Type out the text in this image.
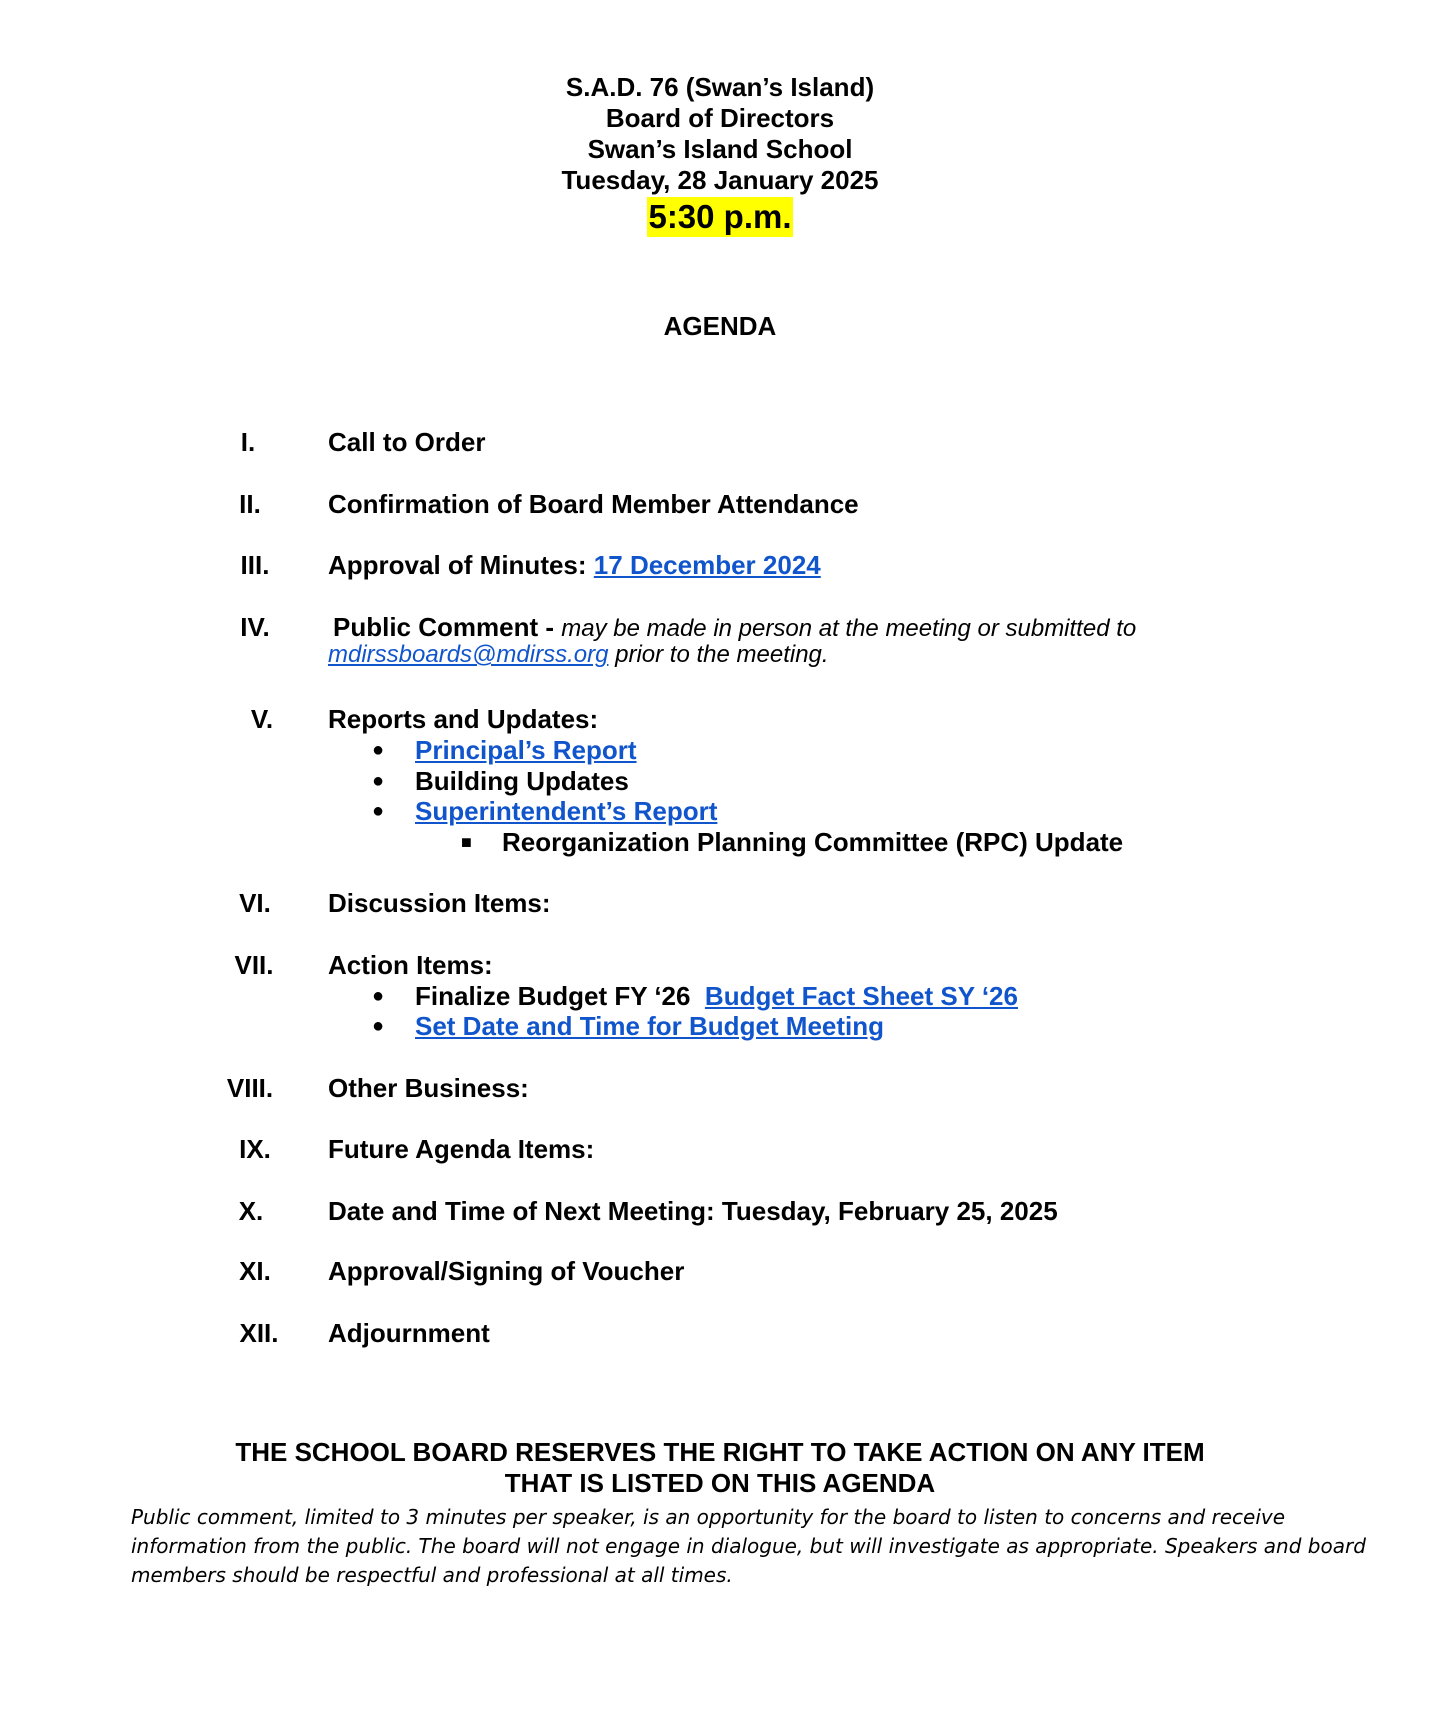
S.A.D. 76 (Swan’s Island)
Board of Directors
Swan’s Island School
Tuesday, 28 January 2025
5:30 p.m.
AGENDA
I.	Call to Order
II.	Confirmation of Board Member Attendance
III.	Approval of Minutes: 17 December 2024
IV.	Public Comment - may be made in person at the meeting or submitted to
mdirssboards@mdirss.org prior to the meeting.
V.	Reports and Updates:
● Principal’s Report
● Building Updates
● Superintendent’s Report
■ Reorganization Planning Committee (RPC) Update
VI.	Discussion Items:
VII.	Action Items:
● Finalize Budget FY ‘26 Budget Fact Sheet SY ‘26
● Set Date and Time for Budget Meeting
VIII.	Other Business:
IX.	Future Agenda Items:
X.	Date and Time of Next Meeting: Tuesday, February 25, 2025
XI.	Approval/Signing of Voucher
XII.	Adjournment
THE SCHOOL BOARD RESERVES THE RIGHT TO TAKE ACTION ON ANY ITEM
THAT IS LISTED ON THIS AGENDA
Public comment, limited to 3 minutes per speaker, is an opportunity for the board to listen to concerns and receive information from the public. The board will not engage in dialogue, but will investigate as appropriate. Speakers and board members should be respectful and professional at all times.
